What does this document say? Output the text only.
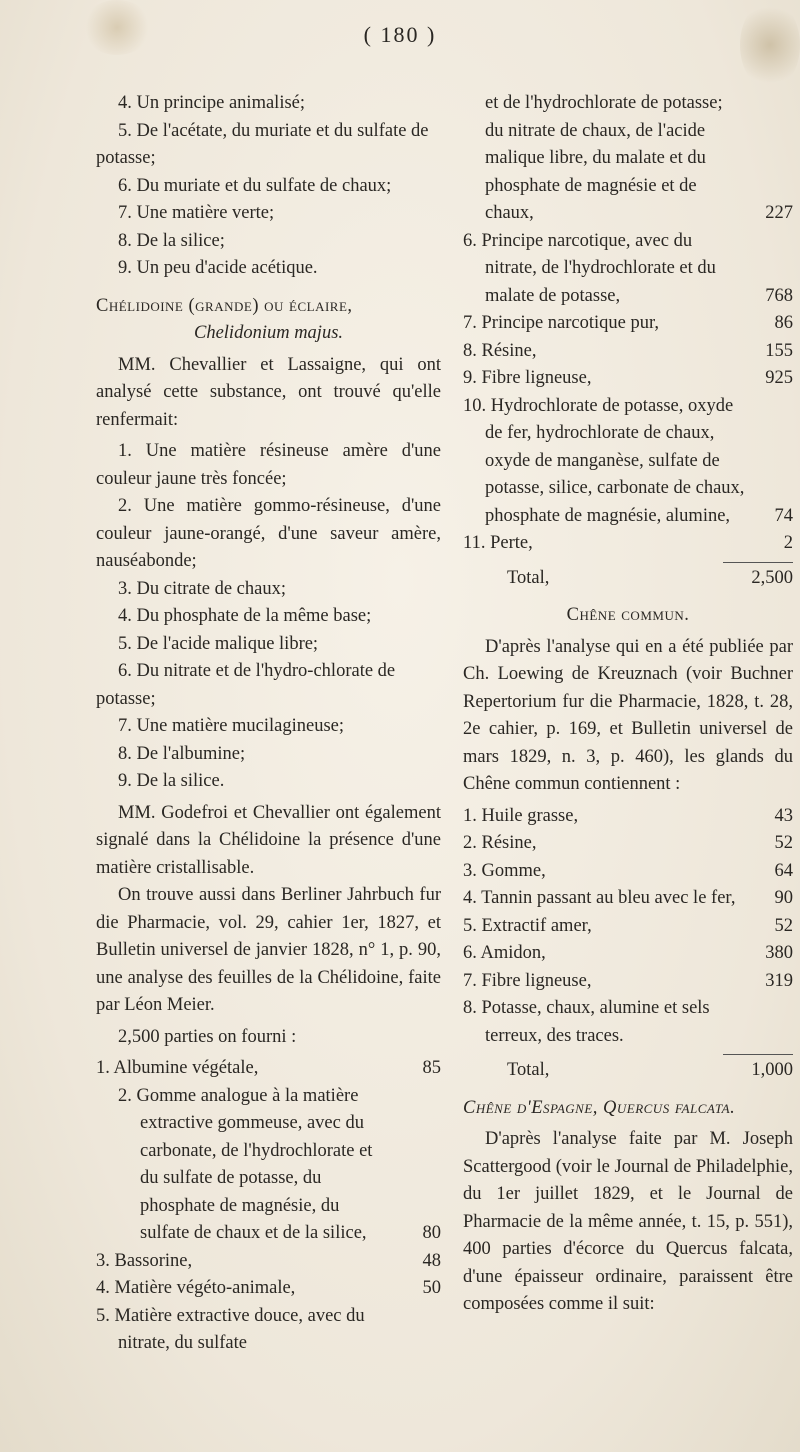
( 180 )

4. Un principe animalisé;

5. De l'acétate, du muriate et du sulfate de potasse;

6. Du muriate et du sulfate de chaux;

7. Une matière verte;

8. De la silice;

9. Un peu d'acide acétique.

Chélidoine (grande) ou éclaire,

Chelidonium majus.

MM. Chevallier et Lassaigne, qui ont analysé cette substance, ont trouvé qu'elle renfermait:

1. Une matière résineuse amère d'une couleur jaune très foncée;

2. Une matière gommo-résineuse, d'une couleur jaune-orangé, d'une saveur amère, nauséabonde;

3. Du citrate de chaux;

4. Du phosphate de la même base;

5. De l'acide malique libre;

6. Du nitrate et de l'hydro-chlorate de potasse;

7. Une matière mucilagineuse;

8. De l'albumine;

9. De la silice.

MM. Godefroi et Chevallier ont également signalé dans la Chélidoine la présence d'une matière cristallisable.

On trouve aussi dans Berliner Jahrbuch fur die Pharmacie, vol. 29, cahier 1er, 1827, et Bulletin universel de janvier 1828, n° 1, p. 90, une analyse des feuilles de la Chélidoine, faite par Léon Meier.

2,500 parties on fourni :

1. Albumine végétale,	85
2. Gomme analogue à la matière extractive gommeuse, avec du carbonate, de l'hydrochlorate et du sulfate de potasse, du phosphate de magnésie, du sulfate de chaux et de la silice,	80
3. Bassorine,	48
4. Matière végéto-animale,	50
5. Matière extractive douce, avec du nitrate, du sulfate
et de l'hydrochlorate de potasse; du nitrate de chaux, de l'acide malique libre, du malate et du phosphate de magnésie et de chaux,	227
6. Principe narcotique, avec du nitrate, de l'hydrochlorate et du malate de potasse,	768
7. Principe narcotique pur,	86
8. Résine,	155
9. Fibre ligneuse,	925
10. Hydrochlorate de potasse, oxyde de fer, hydrochlorate de chaux, oxyde de manganèse, sulfate de potasse, silice, carbonate de chaux, phosphate de magnésie, alumine,	74
11. Perte,	2
Total,	2,500

Chêne commun.

D'après l'analyse qui en a été publiée par Ch. Loewing de Kreuznach (voir Buchner Repertorium fur die Pharmacie, 1828, t. 28, 2e cahier, p. 169, et Bulletin universel de mars 1829, n. 3, p. 460), les glands du Chêne commun contiennent :

1. Huile grasse,	43
2. Résine,	52
3. Gomme,	64
4. Tannin passant au bleu avec le fer,	90
5. Extractif amer,	52
6. Amidon,	380
7. Fibre ligneuse,	319
8. Potasse, chaux, alumine et sels terreux, des traces.
Total,	1,000

Chêne d'Espagne, Quercus falcata.

D'après l'analyse faite par M. Joseph Scattergood (voir le Journal de Philadelphie, du 1er juillet 1829, et le Journal de Pharmacie de la même année, t. 15, p. 551), 400 parties d'écorce du Quercus falcata, d'une épaisseur ordinaire, paraissent être composées comme il suit:
